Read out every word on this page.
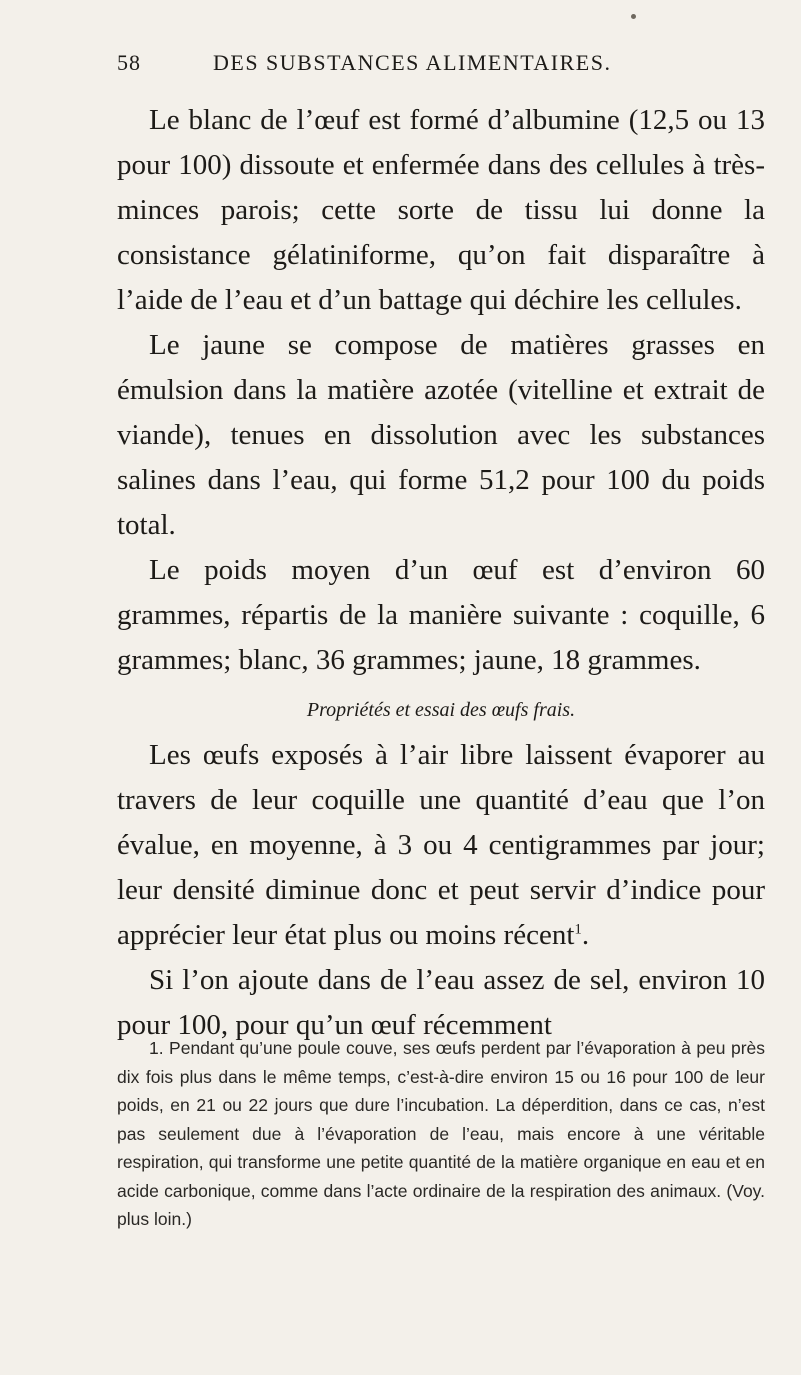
58	DES SUBSTANCES ALIMENTAIRES.

Le blanc de l’œuf est formé d’albumine (12,5 ou 13 pour 100) dissoute et enfermée dans des cellules à très-minces parois; cette sorte de tissu lui donne la consistance gélatiniforme, qu’on fait disparaître à l’aide de l’eau et d’un battage qui déchire les cellules.

Le jaune se compose de matières grasses en émulsion dans la matière azotée (vitelline et extrait de viande), tenues en dissolution avec les substances salines dans l’eau, qui forme 51,2 pour 100 du poids total.

Le poids moyen d’un œuf est d’environ 60 grammes, répartis de la manière suivante : coquille, 6 grammes; blanc, 36 grammes; jaune, 18 grammes.

Propriétés et essai des œufs frais.

Les œufs exposés à l’air libre laissent évaporer au travers de leur coquille une quantité d’eau que l’on évalue, en moyenne, à 3 ou 4 centigrammes par jour; leur densité diminue donc et peut servir d’indice pour apprécier leur état plus ou moins récent$^1$.

Si l’on ajoute dans de l’eau assez de sel, environ 10 pour 100, pour qu’un œuf récemment

1. Pendant qu’une poule couve, ses œufs perdent par l’évaporation à peu près dix fois plus dans le même temps, c’est-à-dire environ 15 ou 16 pour 100 de leur poids, en 21 ou 22 jours que dure l’incubation. La déperdition, dans ce cas, n’est pas seulement due à l’évaporation de l’eau, mais encore à une véritable respiration, qui transforme une petite quantité de la matière organique en eau et en acide carbonique, comme dans l’acte ordinaire de la respiration des animaux. (Voy. plus loin.)
